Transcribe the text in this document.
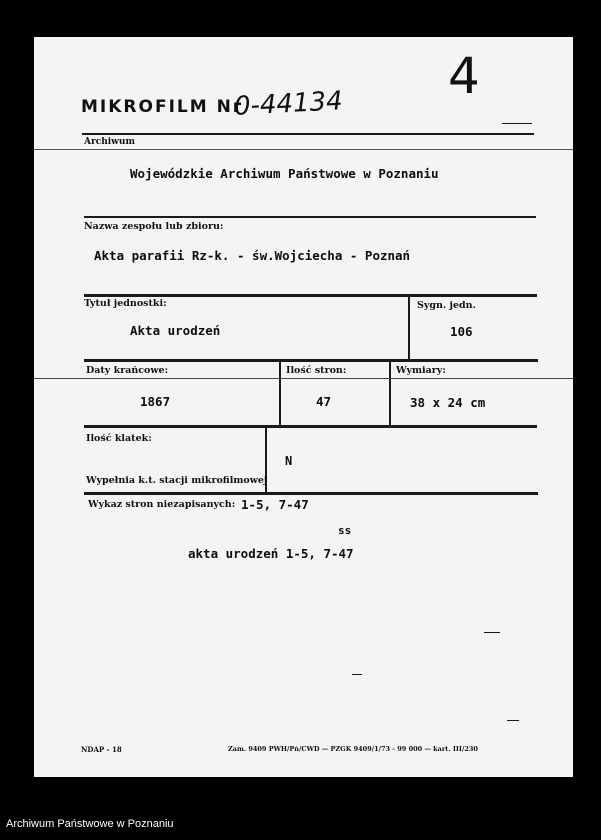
MIKROFILM Nr
0-44134 4
Archiwum
Wojewódzkie Archiwum Państwowe w Poznaniu
Nazwa zespołu lub zbioru:
Akta parafii Rz-k. - św.Wojciecha - Poznań
Tytuł jednostki:
Akta urodzeń
Sygn. jedn.
106
Daty krańcowe:
1867
Ilość stron:
47
Wymiary:
38 x 24 cm
Ilość klatek:
Wypełnia k.t. stacji mikrofilmowej
N
Wykaz stron niezapisanych: 1-5, 7-47
ss
akta urodzeń 1-5, 7-47
NDAP - 18	Zam. 9409 PWH/Pń/CWD — PZGK 9409/1/73 - 99 000 — kart. III/230
Archiwum Państwowe w Poznaniu
